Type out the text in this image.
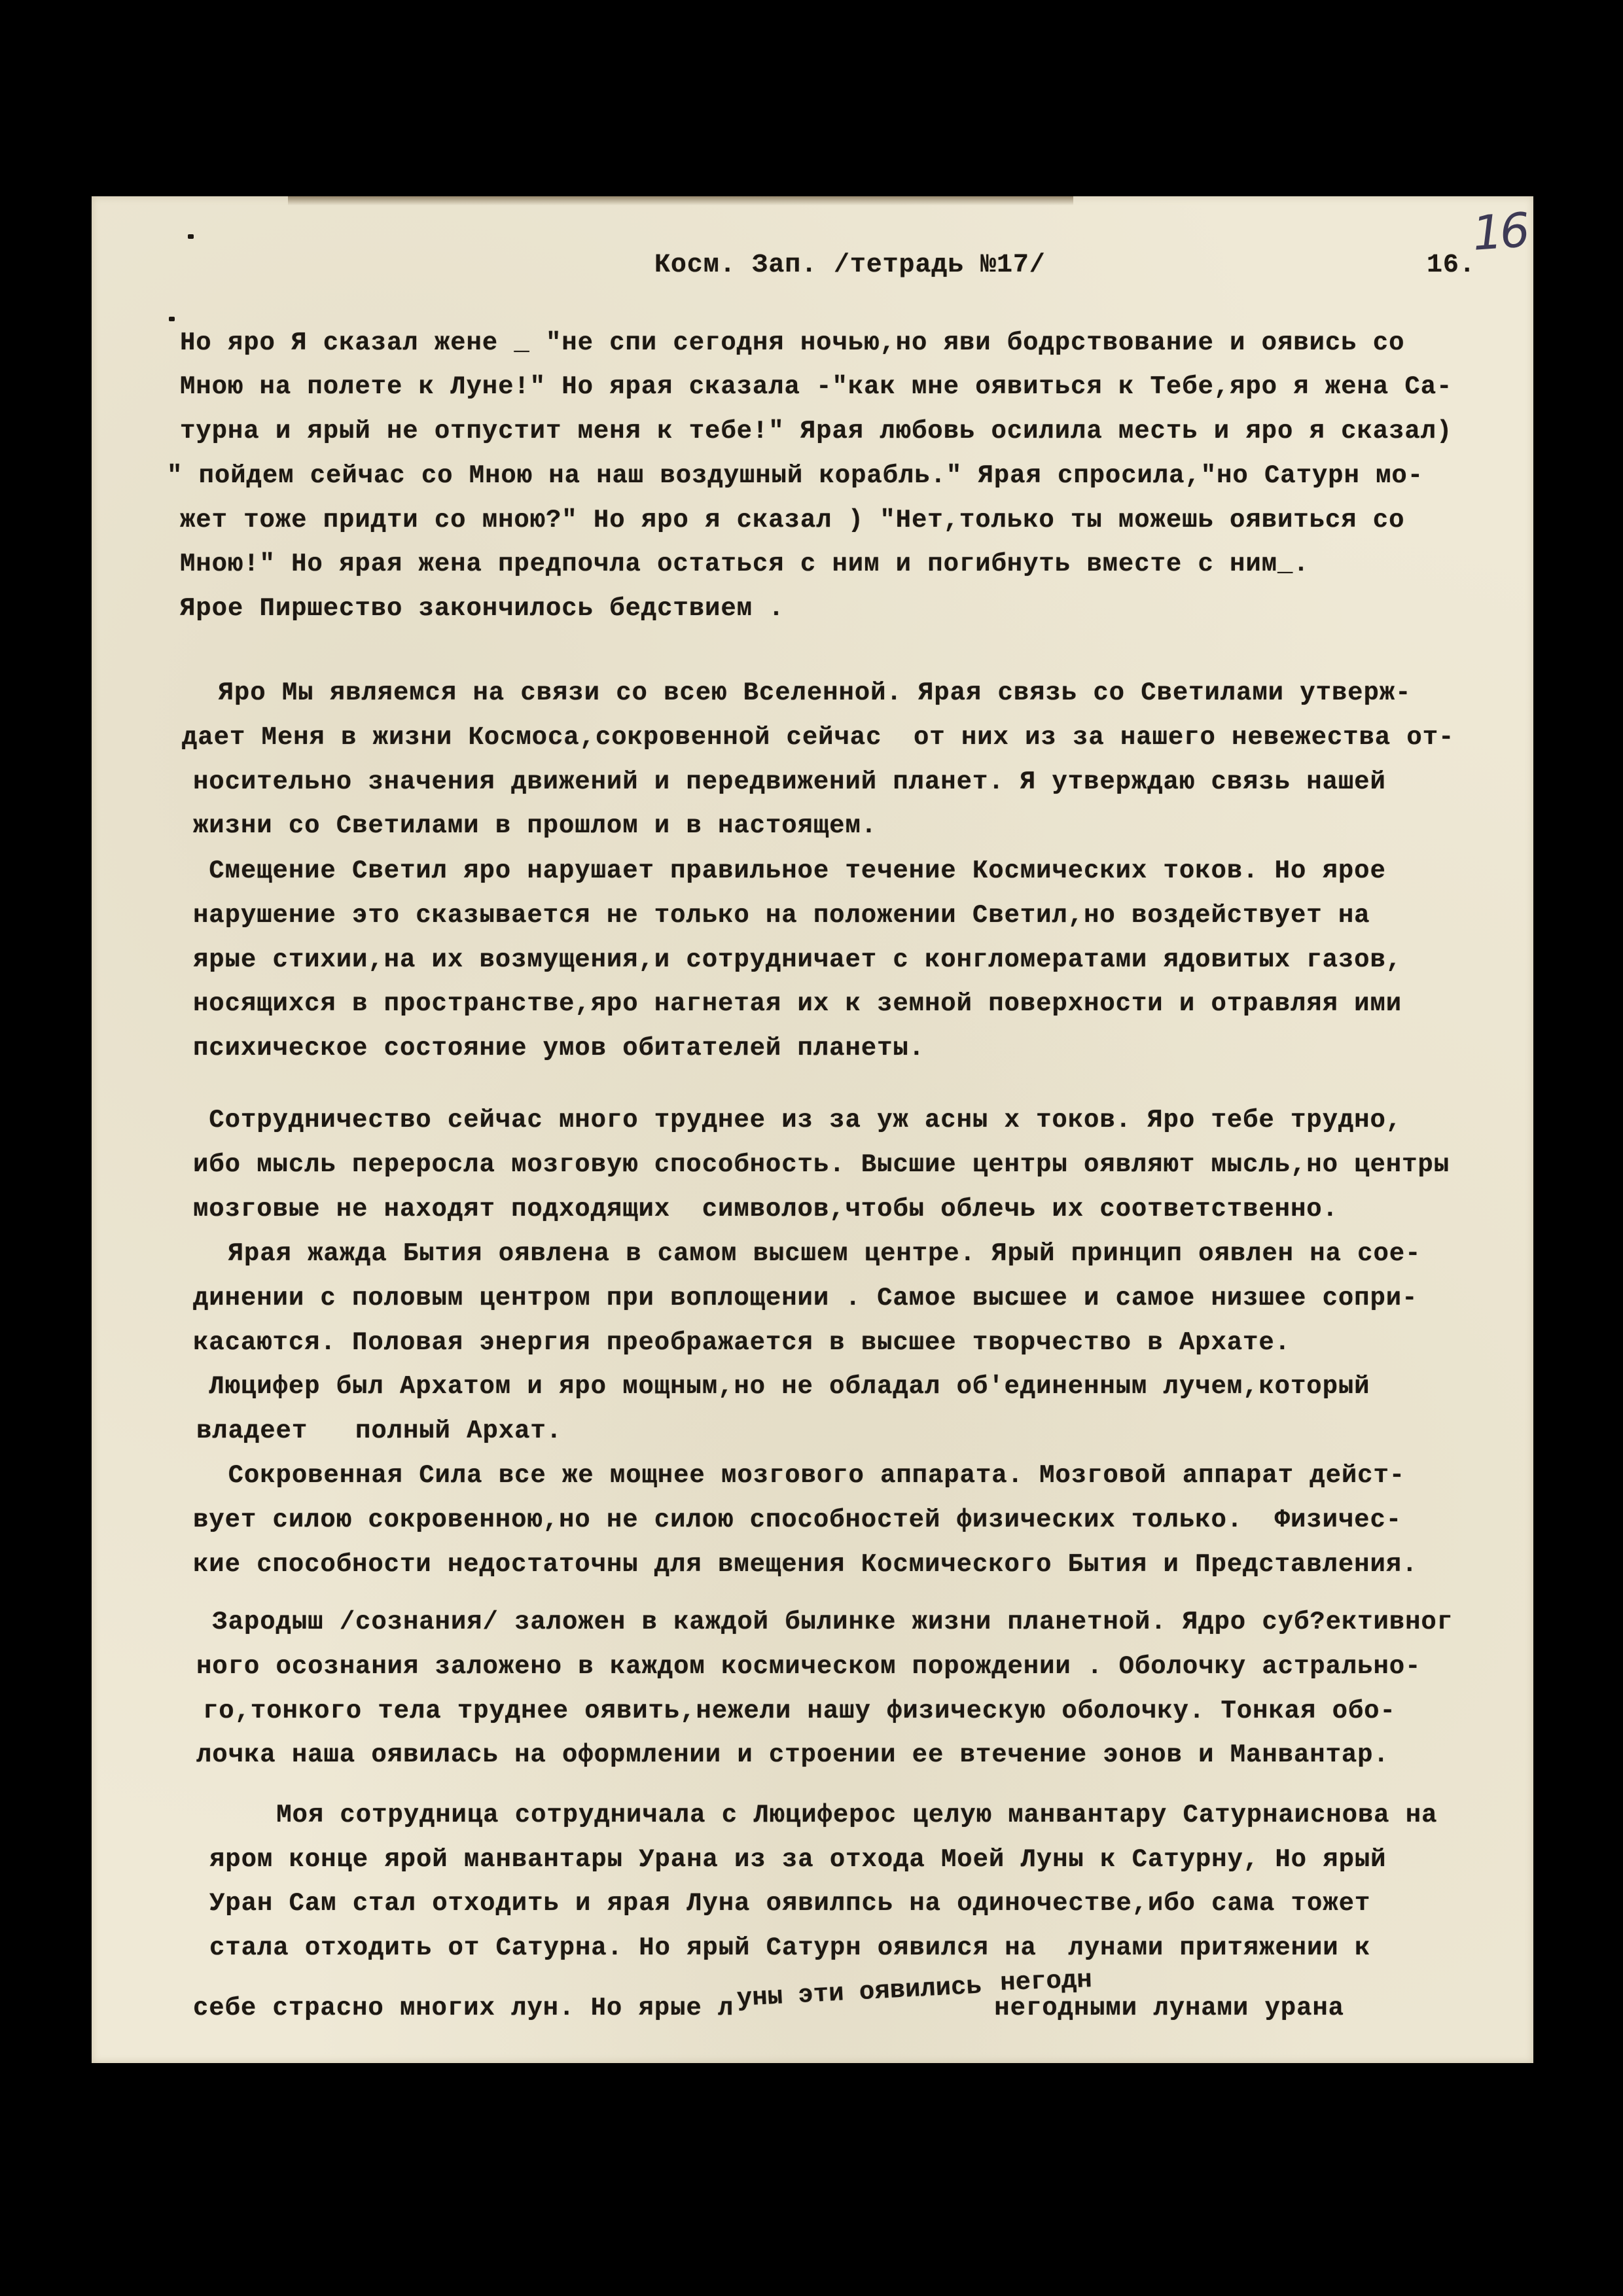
Косм. Зап. /тетрадь №17/	16.
16
Но яро Я сказал жене _ "не спи сегодня ночью,но яви бодрствование и оявись со
Мною на полете к Луне!" Но ярая сказала -"как мне оявиться к Тебе,яро я жена Са-
турна и ярый не отпустит меня к тебе!" Ярая любовь осилила месть и яро я сказал)
" пойдем сейчас со Мною на наш воздушный корабль." Ярая спросила,"но Сатурн мо-
жет тоже придти со мною?" Но яро я сказал ) "Нет,только ты можешь оявиться со
Мною!" Но ярая жена предпочла остаться с ним и погибнуть вместе с ним_.
Ярое Пиршество закончилось бедствием .
Яро Мы являемся на связи со всею Вселенной. Ярая связь со Светилами утверж-
дает Меня в жизни Космоса,сокровенной сейчас  от них из за нашего невежества от-
носительно значения движений и передвижений планет. Я утверждаю связь нашей
жизни со Светилами в прошлом и в настоящем.
Смещение Светил яро нарушает правильное течение Космических токов. Но ярое
нарушение это сказывается не только на положении Светил,но воздействует на
ярые стихии,на их возмущения,и сотрудничает с конгломератами ядовитых газов,
носящихся в пространстве,яро нагнетая их к земной поверхности и отравляя ими
психическое состояние умов обитателей планеты.
Сотрудничество сейчас много труднее из за уж асны х токов. Яро тебе трудно,
ибо мысль переросла мозговую способность. Высшие центры оявляют мысль,но центры
мозговые не находят подходящих  символов,чтобы облечь их соответственно.
Ярая жажда Бытия оявлена в самом высшем центре. Ярый принцип оявлен на сое-
динении с половым центром при воплощении . Самое высшее и самое низшее сопри-
касаются. Половая энергия преображается в высшее творчество в Архате.
Люцифер был Архатом и яро мощным,но не обладал об'единенным лучем,который
владеет   полный Архат.
Сокровенная Сила все же мощнее мозгового аппарата. Мозговой аппарат дейст-
вует силою сокровенною,но не силою способностей физических только.  Физичес-
кие способности недостаточны для вмещения Космического Бытия и Представления.
Зародыш /сознания/ заложен в каждой былинке жизни планетной. Ядро суб?ективног
ного осознания заложено в каждом космическом порождении . Оболочку астрально-
го,тонкого тела труднее оявить,нежели нашу физическую оболочку. Тонкая обо-
лочка наша оявилась на оформлении и строении ее втечение эонов и Манвантар.
Моя сотрудница сотрудничала с Люциферос целую манвантару Сатурнаиснова на
яром конце ярой манвантары Урана из за отхода Моей Луны к Сатурну, Но ярый
Уран Сам стал отходить и ярая Луна оявилпсь на одиночестве,ибо сама тожет
стала отходить от Сатурна. Но ярый Сатурн оявился на  лунами притяжении к
себе страсно многих лун. Но ярые л уны эти оявились негодн
негодными лунами урана
